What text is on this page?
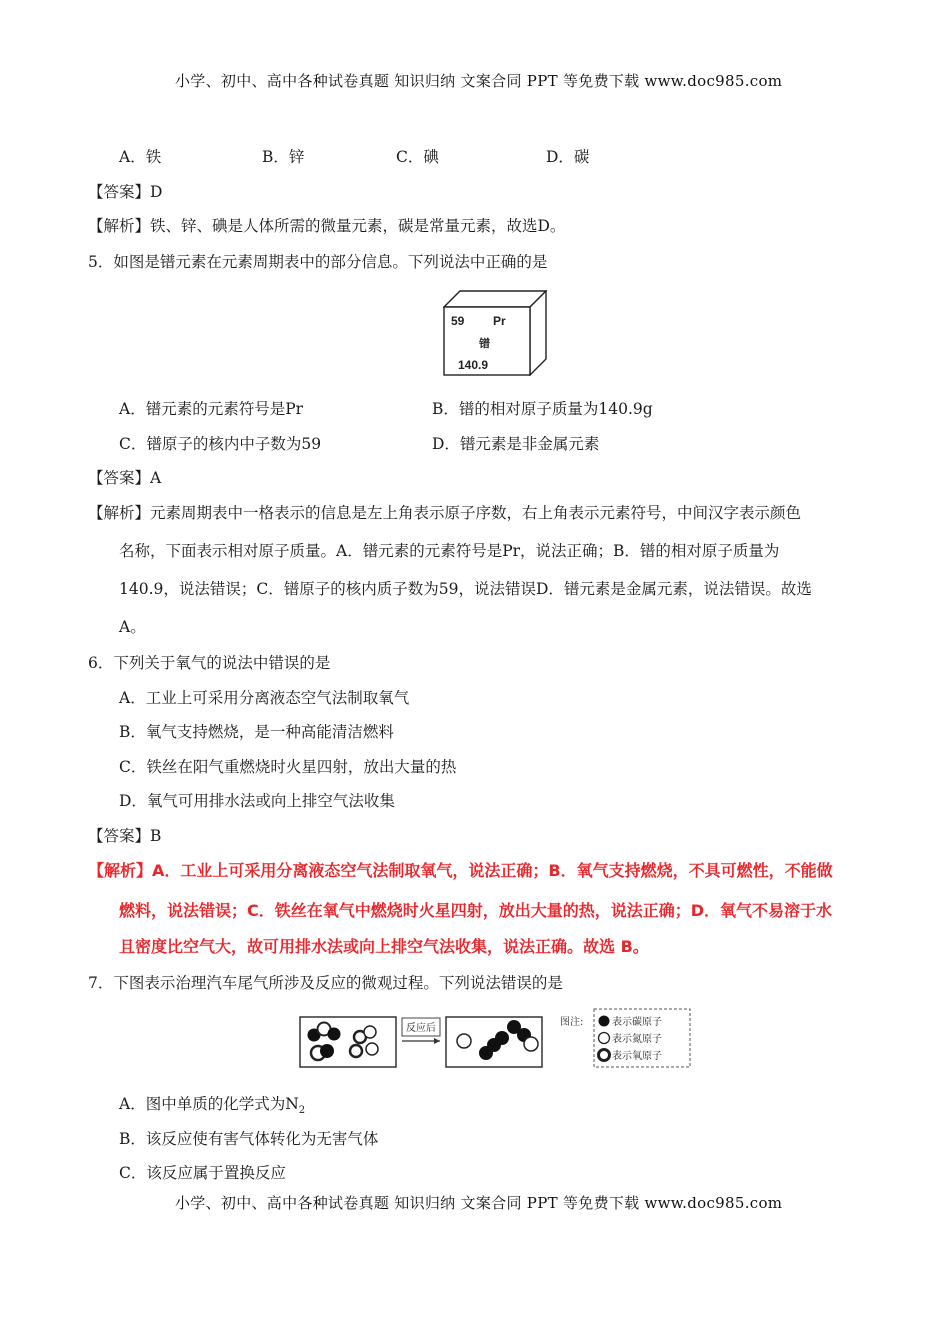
小学、初中、高中各种试卷真题 知识归纳 文案合同 PPT 等免费下载 www.doc985.com
A．铁	B．锌	C．碘	D．碳
【答案】D
【解析】铁、锌、碘是人体所需的微量元素，碳是常量元素，故选D。
5．如图是镨元素在元素周期表中的部分信息。下列说法中正确的是
59 Pr
镨
140.9
A．镨元素的元素符号是Pr	B．镨的相对原子质量为140.9g
C．镨原子的核内中子数为59	D．镨元素是非金属元素
【答案】A
【解析】元素周期表中一格表示的信息是左上角表示原子序数，右上角表示元素符号，中间汉字表示颜色
名称，下面表示相对原子质量。A．镨元素的元素符号是Pr，说法正确；B．镨的相对原子质量为
140.9，说法错误；C．镨原子的核内质子数为59，说法错误D．镨元素是金属元素，说法错误。故选
A。
6．下列关于氧气的说法中错误的是
A．工业上可采用分离液态空气法制取氧气
B．氧气支持燃烧，是一种高能清洁燃料
C．铁丝在阳气重燃烧时火星四射，放出大量的热
D．氧气可用排水法或向上排空气法收集
【答案】B
【解析】A．工业上可采用分离液态空气法制取氧气，说法正确；B．氧气支持燃烧，不具可燃性，不能做
燃料，说法错误；C．铁丝在氧气中燃烧时火星四射，放出大量的热，说法正确；D．氧气不易溶于水
且密度比空气大，故可用排水法或向上排空气法收集，说法正确。故选 B。
7．下图表示治理汽车尾气所涉及反应的微观过程。下列说法错误的是
反应后
图注:	表示碳原子
表示氮原子
表示氧原子
A．图中单质的化学式为$N_2$
B．该反应使有害气体转化为无害气体
C．该反应属于置换反应
小学、初中、高中各种试卷真题 知识归纳 文案合同 PPT 等免费下载 www.doc985.com
